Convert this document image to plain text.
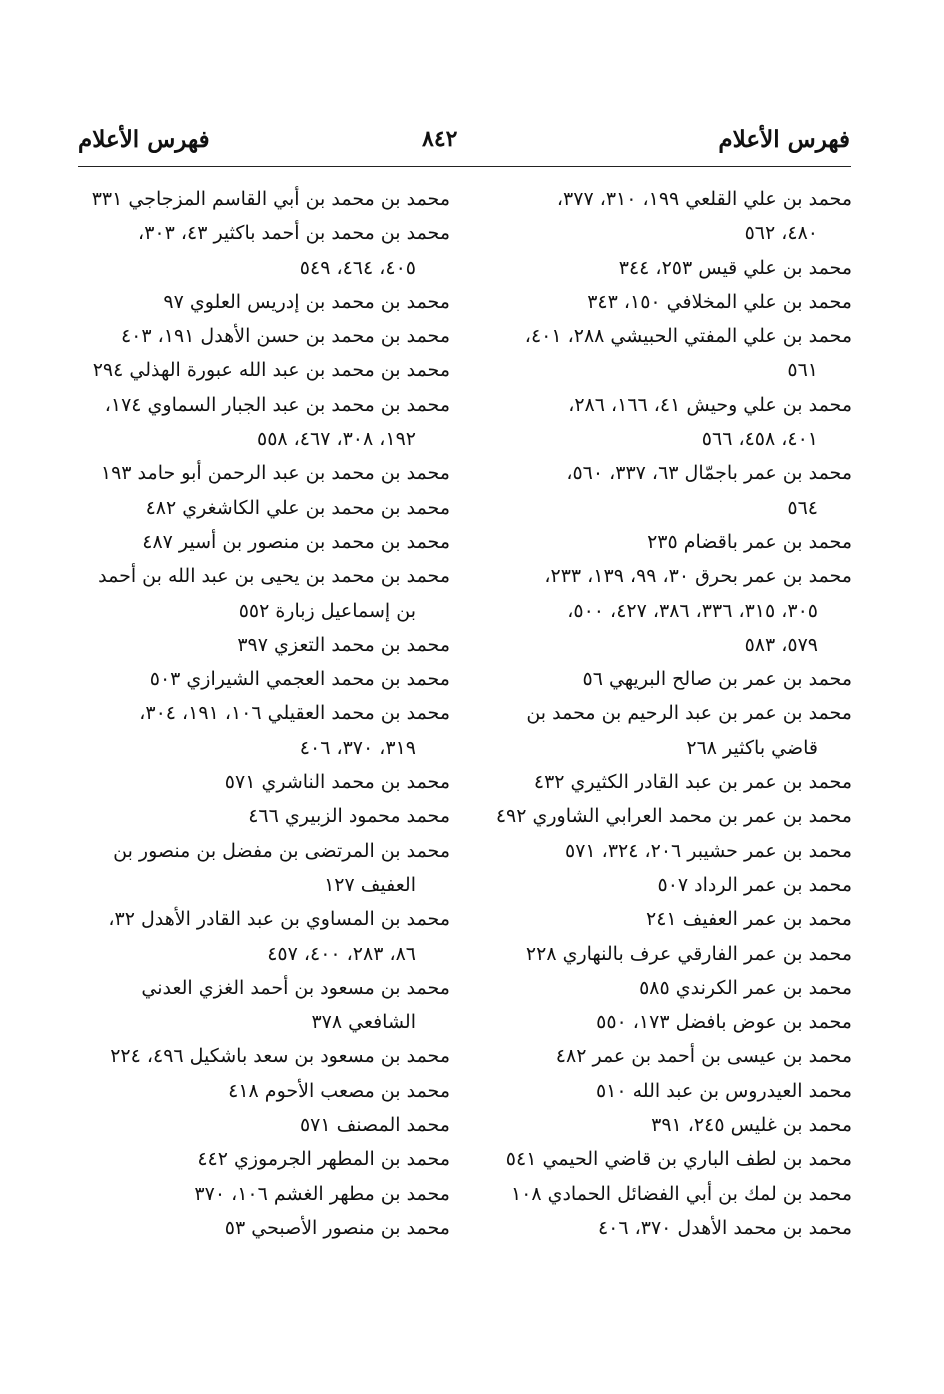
فهرس الأعلام	٨٤٢	فهرس الأعلام
محمد بن علي القلعي ١٩٩، ٣١٠، ٣٧٧،
٤٨٠، ٥٦٢
محمد بن علي قيس ٢٥٣، ٣٤٤
محمد بن علي المخلافي ١٥٠، ٣٤٣
محمد بن علي المفتي الحبيشي ٢٨٨، ٤٠١،
٥٦١
محمد بن علي وحيش ٤١، ١٦٦، ٢٨٦،
٤٠١، ٤٥٨، ٥٦٦
محمد بن عمر باجمّال ٦٣، ٣٣٧، ٥٦٠،
٥٦٤
محمد بن عمر باقضام ٢٣٥
محمد بن عمر بحرق ٣٠، ٩٩، ١٣٩، ٢٣٣،
٣٠٥، ٣١٥، ٣٣٦، ٣٨٦، ٤٢٧، ٥٠٠،
٥٧٩، ٥٨٣
محمد بن عمر بن صالح البريهي ٥٦
محمد بن عمر بن عبد الرحيم بن محمد بن
قاضي باكثير ٢٦٨
محمد بن عمر بن عبد القادر الكثيري ٤٣٢
محمد بن عمر بن محمد العرابي الشاوري ٤٩٢
محمد بن عمر حشيبر ٢٠٦، ٣٢٤، ٥٧١
محمد بن عمر الرداد ٥٠٧
محمد بن عمر العفيف ٢٤١
محمد بن عمر الفارقي عرف بالنهاري ٢٢٨
محمد بن عمر الكرندي ٥٨٥
محمد بن عوض بافضل ١٧٣، ٥٥٠
محمد بن عيسى بن أحمد بن عمر ٤٨٢
محمد العيدروس بن عبد الله ٥١٠
محمد بن غليس ٢٤٥، ٣٩١
محمد بن لطف الباري بن قاضي الحيمي ٥٤١
محمد بن لمك بن أبي الفضائل الحمادي ١٠٨
محمد بن محمد الأهدل ٣٧٠، ٤٠٦
محمد بن محمد بن أبي القاسم المزجاجي ٣٣١
محمد بن محمد بن أحمد باكثير ٤٣، ٣٠٣،
٤٠٥، ٤٦٤، ٥٤٩
محمد بن محمد بن إدريس العلوي ٩٧
محمد بن محمد بن حسن الأهدل ١٩١، ٤٠٣
محمد بن محمد بن عبد الله عبورة الهذلي ٢٩٤
محمد بن محمد بن عبد الجبار السماوي ١٧٤،
١٩٢، ٣٠٨، ٤٦٧، ٥٥٨
محمد بن محمد بن عبد الرحمن أبو حامد ١٩٣
محمد بن محمد بن علي الكاشغري ٤٨٢
محمد بن محمد بن منصور بن أسير ٤٨٧
محمد بن محمد بن يحيى بن عبد الله بن أحمد
بن إسماعيل زبارة ٥٥٢
محمد بن محمد التعزي ٣٩٧
محمد بن محمد العجمي الشيرازي ٥٠٣
محمد بن محمد العقيلي ١٠٦، ١٩١، ٣٠٤،
٣١٩، ٣٧٠، ٤٠٦
محمد بن محمد الناشري ٥٧١
محمد محمود الزبيري ٤٦٦
محمد بن المرتضى بن مفضل بن منصور بن
العفيف ١٢٧
محمد بن المساوي بن عبد القادر الأهدل ٣٢،
٨٦، ٢٨٣، ٤٠٠، ٤٥٧
محمد بن مسعود بن أحمد الغزي العدني
الشافعي ٣٧٨
محمد بن مسعود بن سعد باشكيل ٤٩٦، ٢٢٤
محمد بن مصعب الأحوم ٤١٨
محمد المصنف ٥٧١
محمد بن المطهر الجرموزي ٤٤٢
محمد بن مطهر الغشم ١٠٦، ٣٧٠
محمد بن منصور الأصبحي ٥٣
